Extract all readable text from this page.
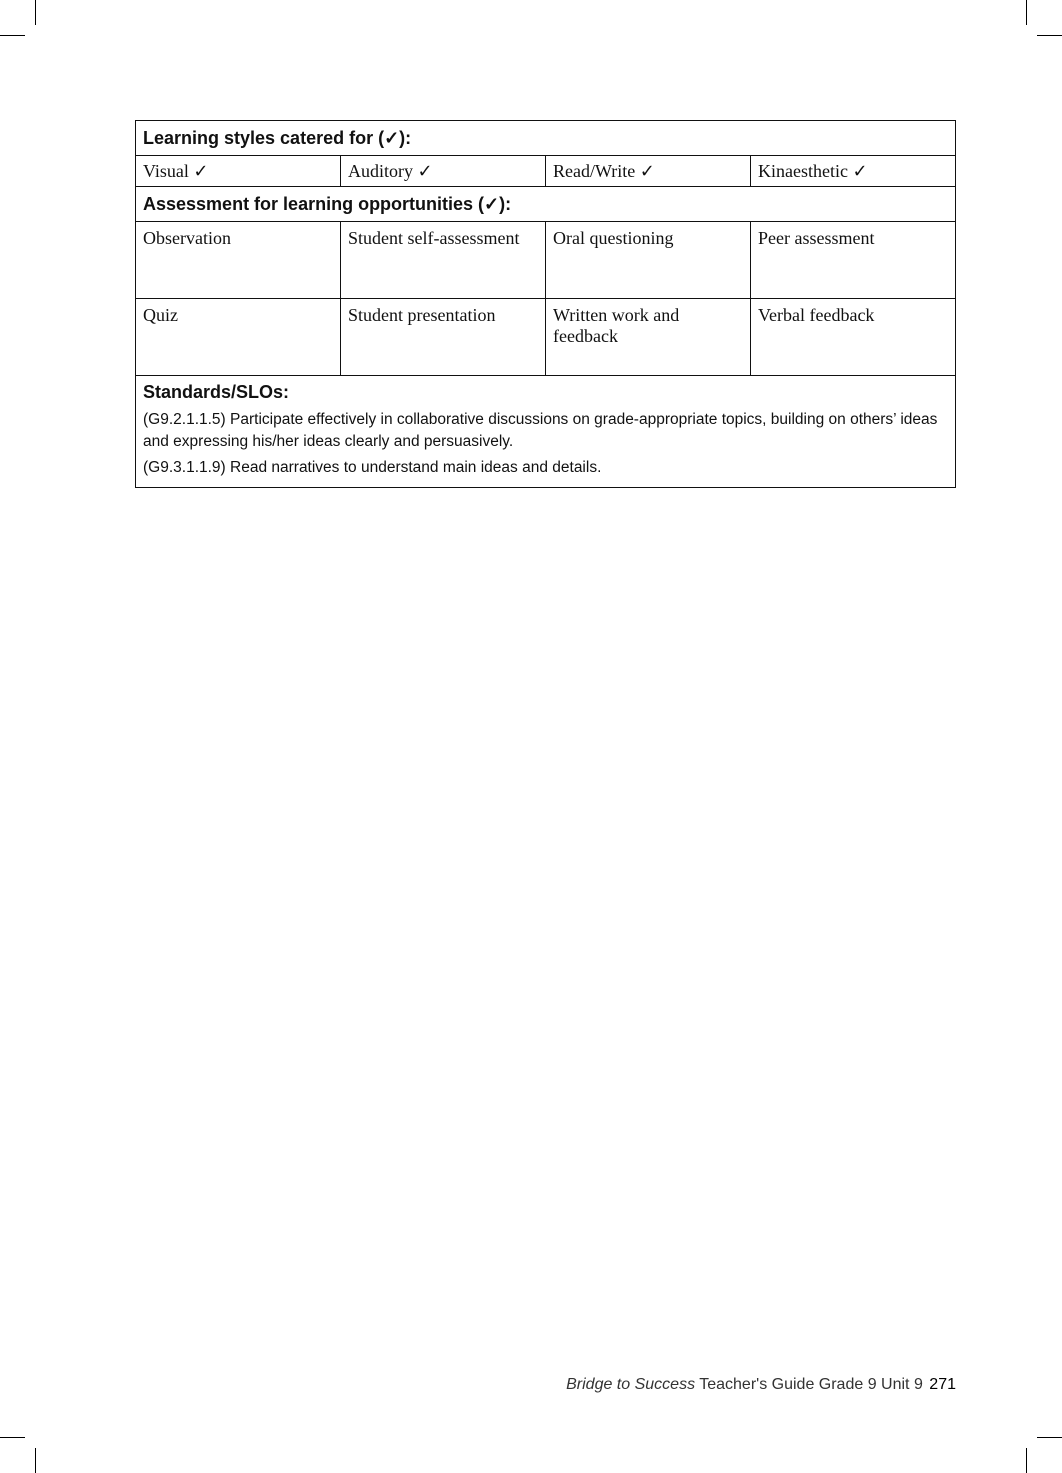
Learning styles catered for (✓):			
Visual ✓	Auditory ✓	Read/Write ✓	Kinaesthetic ✓
Assessment for learning opportunities (✓):			
Observation	Student self-assessment	Oral questioning	Peer assessment
Quiz	Student presentation	Written work and feedback	Verbal feedback

Standards/SLOs:
(G9.2.1.1.5) Participate effectively in collaborative discussions on grade-appropriate topics, building on others’ ideas and expressing his/her ideas clearly and persuasively.
(G9.3.1.1.9) Read narratives to understand main ideas and details.			
Bridge to Success Teacher's Guide Grade 9 Unit 9 271
